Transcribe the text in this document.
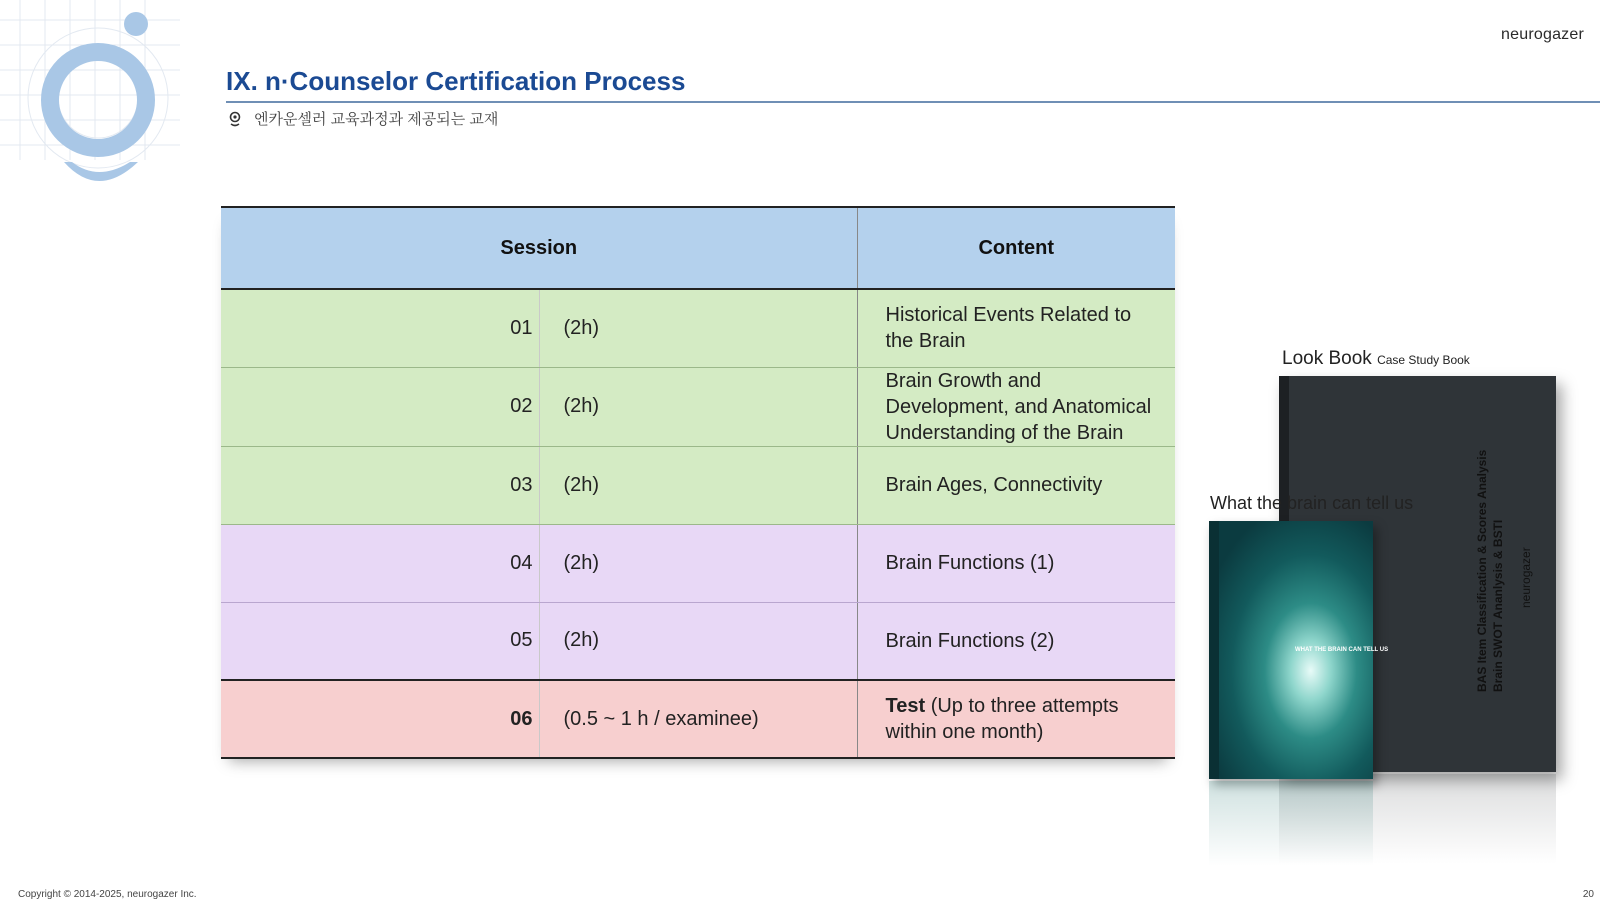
neurogazer
IX. n·Counselor Certification Process
엔카운셀러 교육과정과 제공되는 교재
Session		Content
01	(2h)	Historical Events Related to the Brain
02	(2h)	Brain Growth and Development, and Anatomical Understanding of the Brain
03	(2h)	Brain Ages, Connectivity
04	(2h)	Brain Functions (1)
05	(2h)	Brain Functions (2)
06	(0.5 ~ 1 h / examinee)	Test (Up to three attempts within one month)
Look Book Case Study Book
BAS Item Classification & Scores Analysis Brain SWOT Ananlysis & BSTI neurogazer
WHAT THE BRAIN CAN TELL US
What the brain can tell us
Copyright © 2014-2025, neurogazer Inc.	20
